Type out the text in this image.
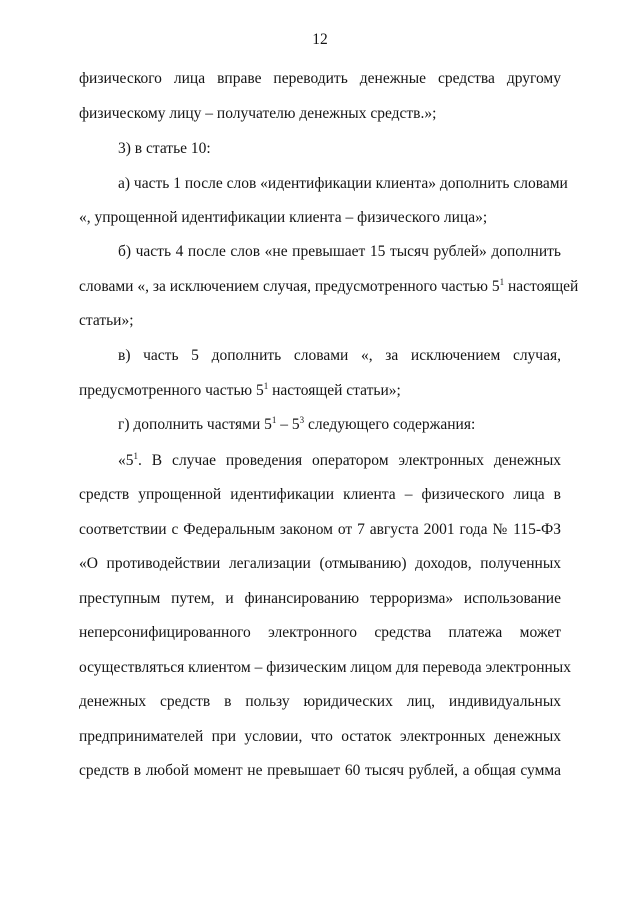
12
физического лица вправе переводить денежные средства другому
физическому лицу – получателю денежных средств.»;
3) в статье 10:
а) часть 1 после слов «идентификации клиента» дополнить словами
«, упрощенной идентификации клиента – физического лица»;
б) часть 4 после слов «не превышает 15 тысяч рублей» дополнить
словами «, за исключением случая, предусмотренного частью $5^1$ настоящей
статьи»;
в) часть 5 дополнить словами «, за исключением случая,
предусмотренного частью $5^1$ настоящей статьи»;
г) дополнить частями $5^1 - 5^3$ следующего содержания:
«$5^1$. В случае проведения оператором электронных денежных
средств упрощенной идентификации клиента – физического лица в
соответствии с Федеральным законом от 7 августа 2001 года № 115-ФЗ
«О противодействии легализации (отмыванию) доходов, полученных
преступным путем, и финансированию терроризма» использование
неперсонифицированного электронного средства платежа может
осуществляться клиентом – физическим лицом для перевода электронных
денежных средств в пользу юридических лиц, индивидуальных
предпринимателей при условии, что остаток электронных денежных
средств в любой момент не превышает 60 тысяч рублей, а общая сумма
